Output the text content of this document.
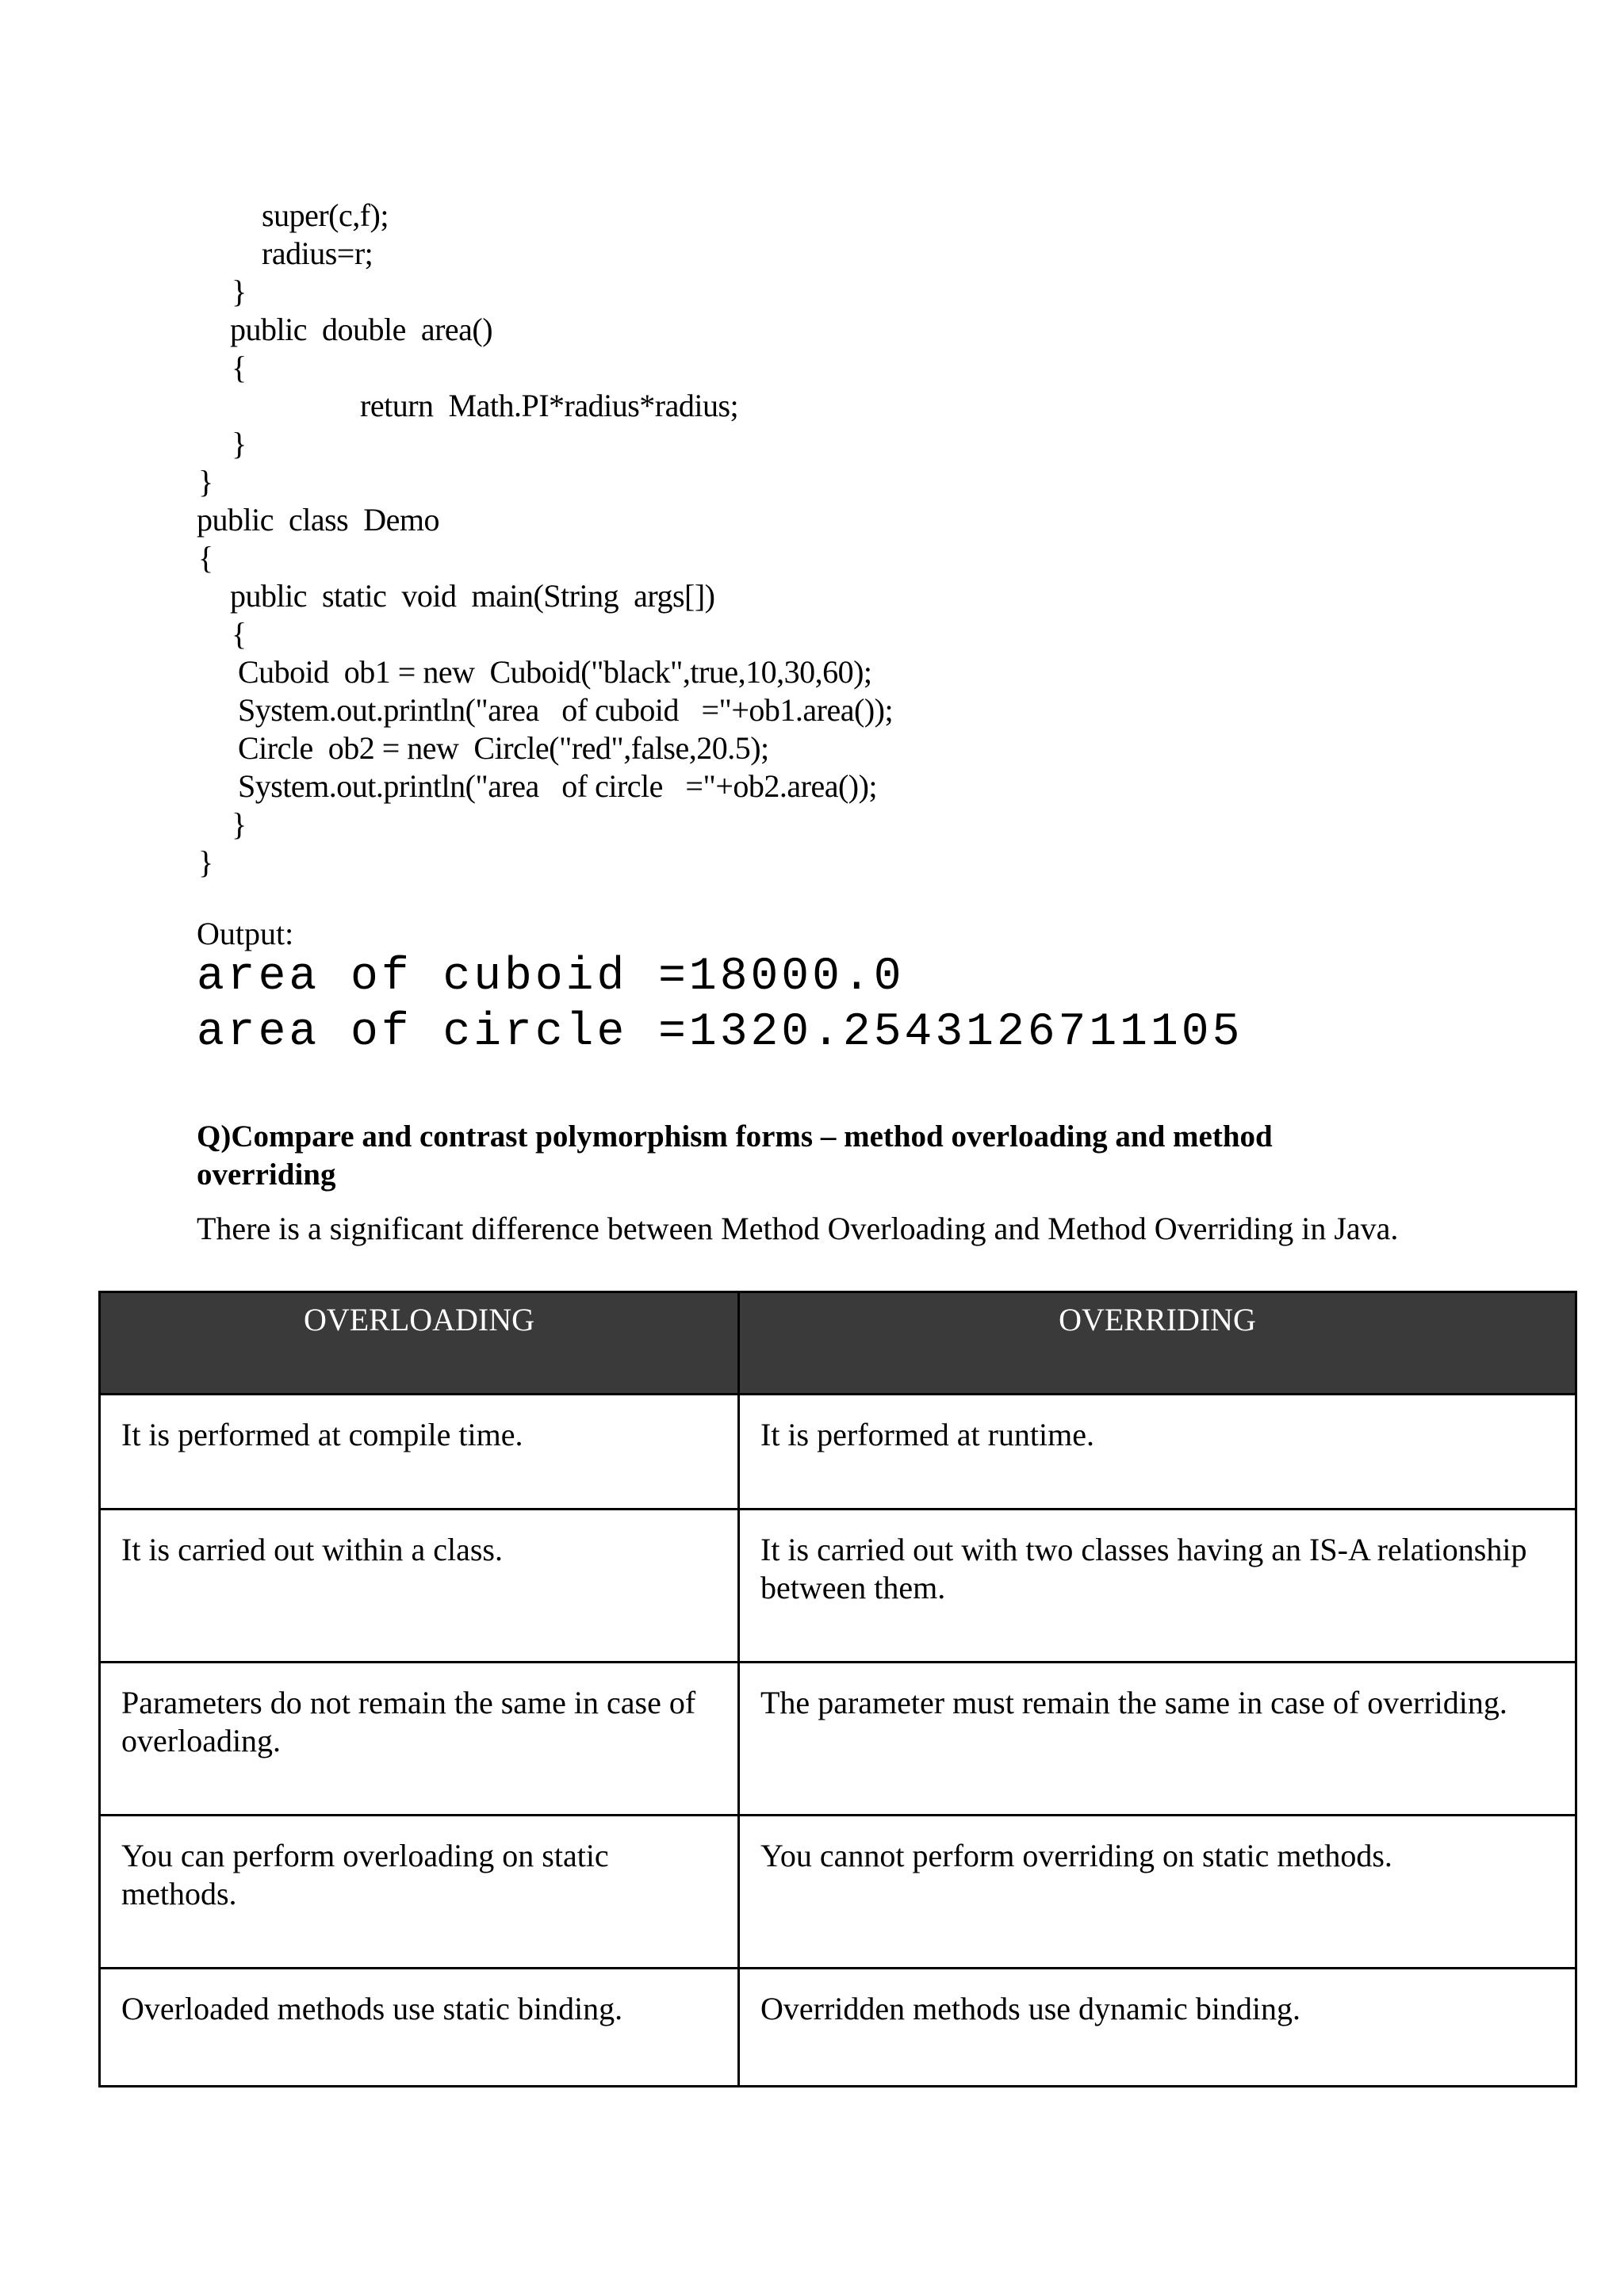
super(c,f);
radius=r;
}
public  double  area()
{
return  Math.PI*radius*radius;
}
}
public  class  Demo
{
public  static  void  main(String  args[])
{
Cuboid  ob1 = new  Cuboid("black",true,10,30,60);
System.out.println("area   of cuboid   ="+ob1.area());
Circle  ob2 = new  Circle("red",false,20.5);
System.out.println("area   of circle   ="+ob2.area());
}
}
Output:
area of cuboid =18000.0
area of circle =1320.2543126711105
Q)Compare and contrast polymorphism forms – method overloading and method overriding
There is a significant difference between Method Overloading and Method Overriding in Java.
OVERLOADING	OVERRIDING
It is performed at compile time.	It is performed at runtime.
It is carried out within a class.	It is carried out with two classes having an IS-A relationship between them.
Parameters do not remain the same in case of overloading.	The parameter must remain the same in case of overriding.
You can perform overloading on static methods.	You cannot perform overriding on static methods.
Overloaded methods use static binding.	Overridden methods use dynamic binding.
